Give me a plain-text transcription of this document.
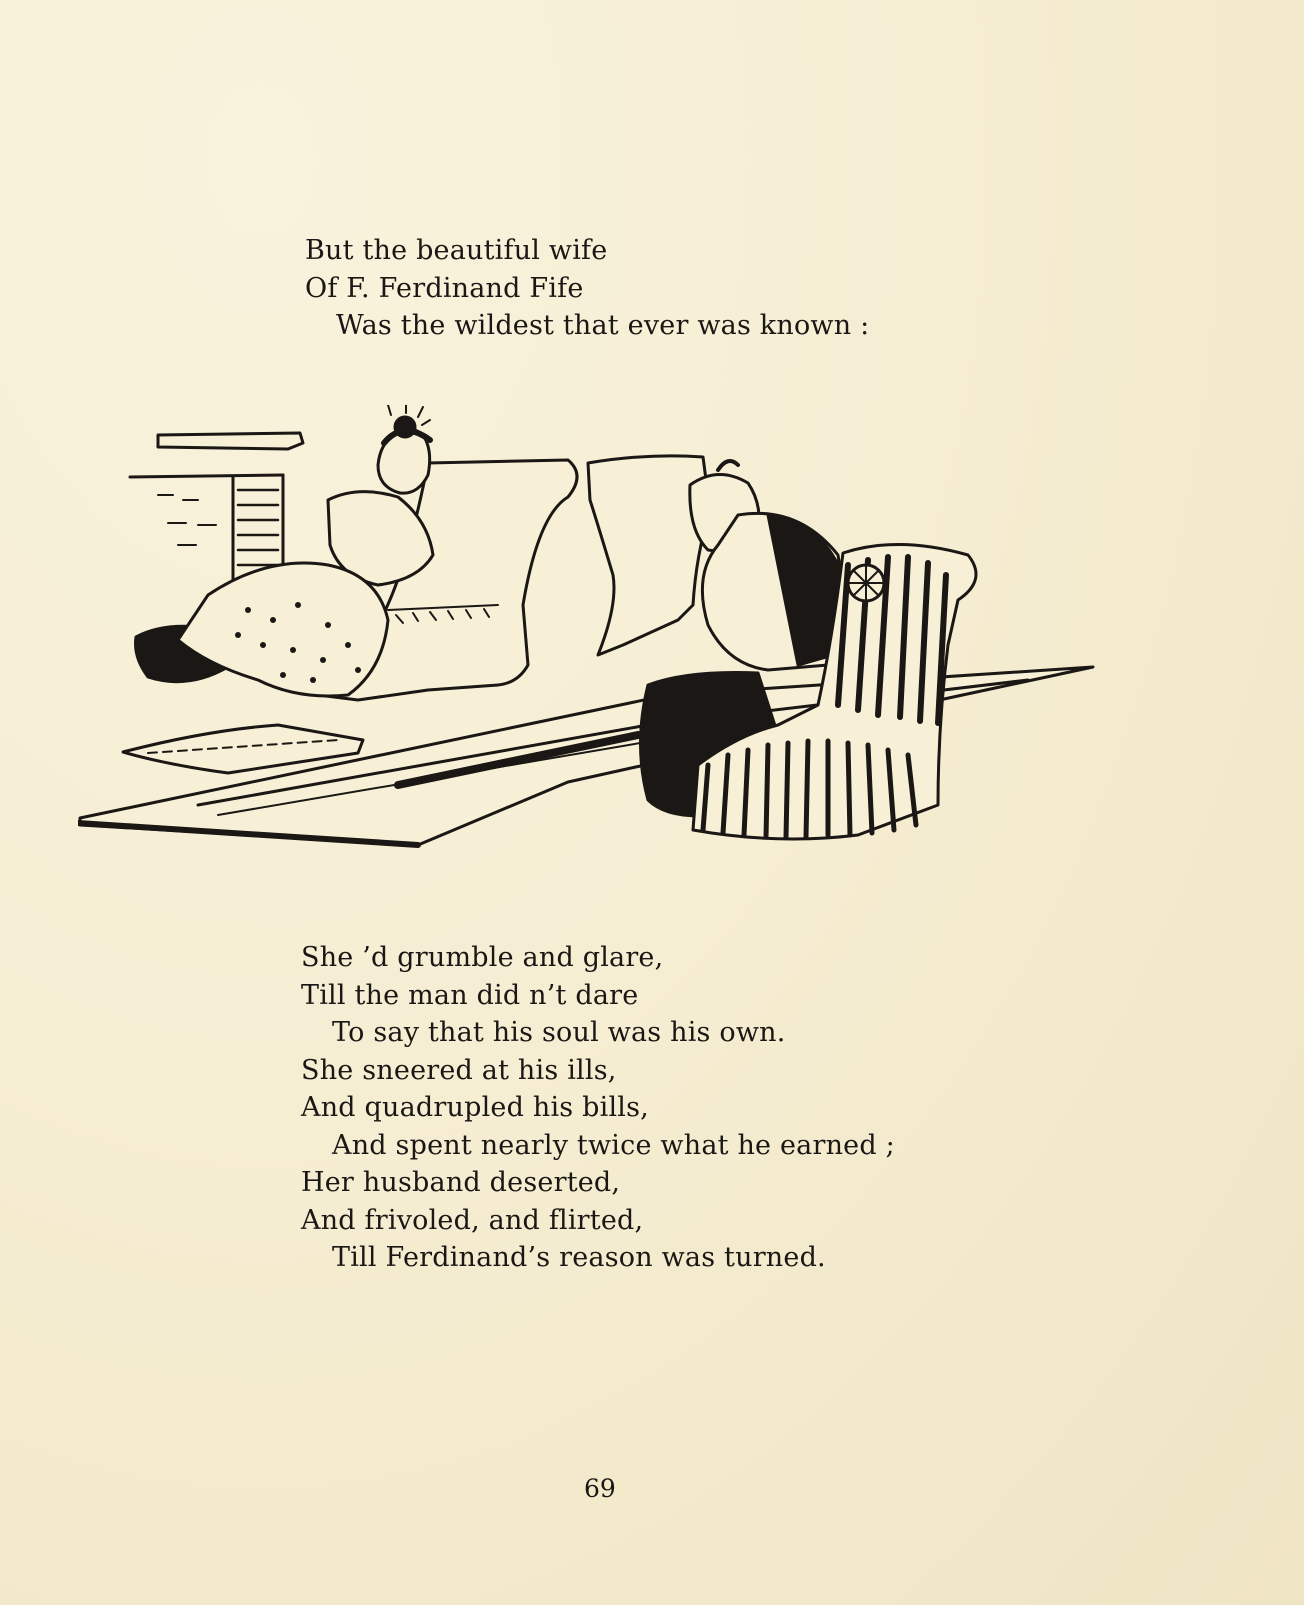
But the beautiful wife
Of F. Ferdinand Fife
Was the wildest that ever was known :
She ’d grumble and glare,
Till the man did n’t dare
To say that his soul was his own.
She sneered at his ills,
And quadrupled his bills,
And spent nearly twice what he earned ;
Her husband deserted,
And frivoled, and flirted,
Till Ferdinand’s reason was turned.
69
